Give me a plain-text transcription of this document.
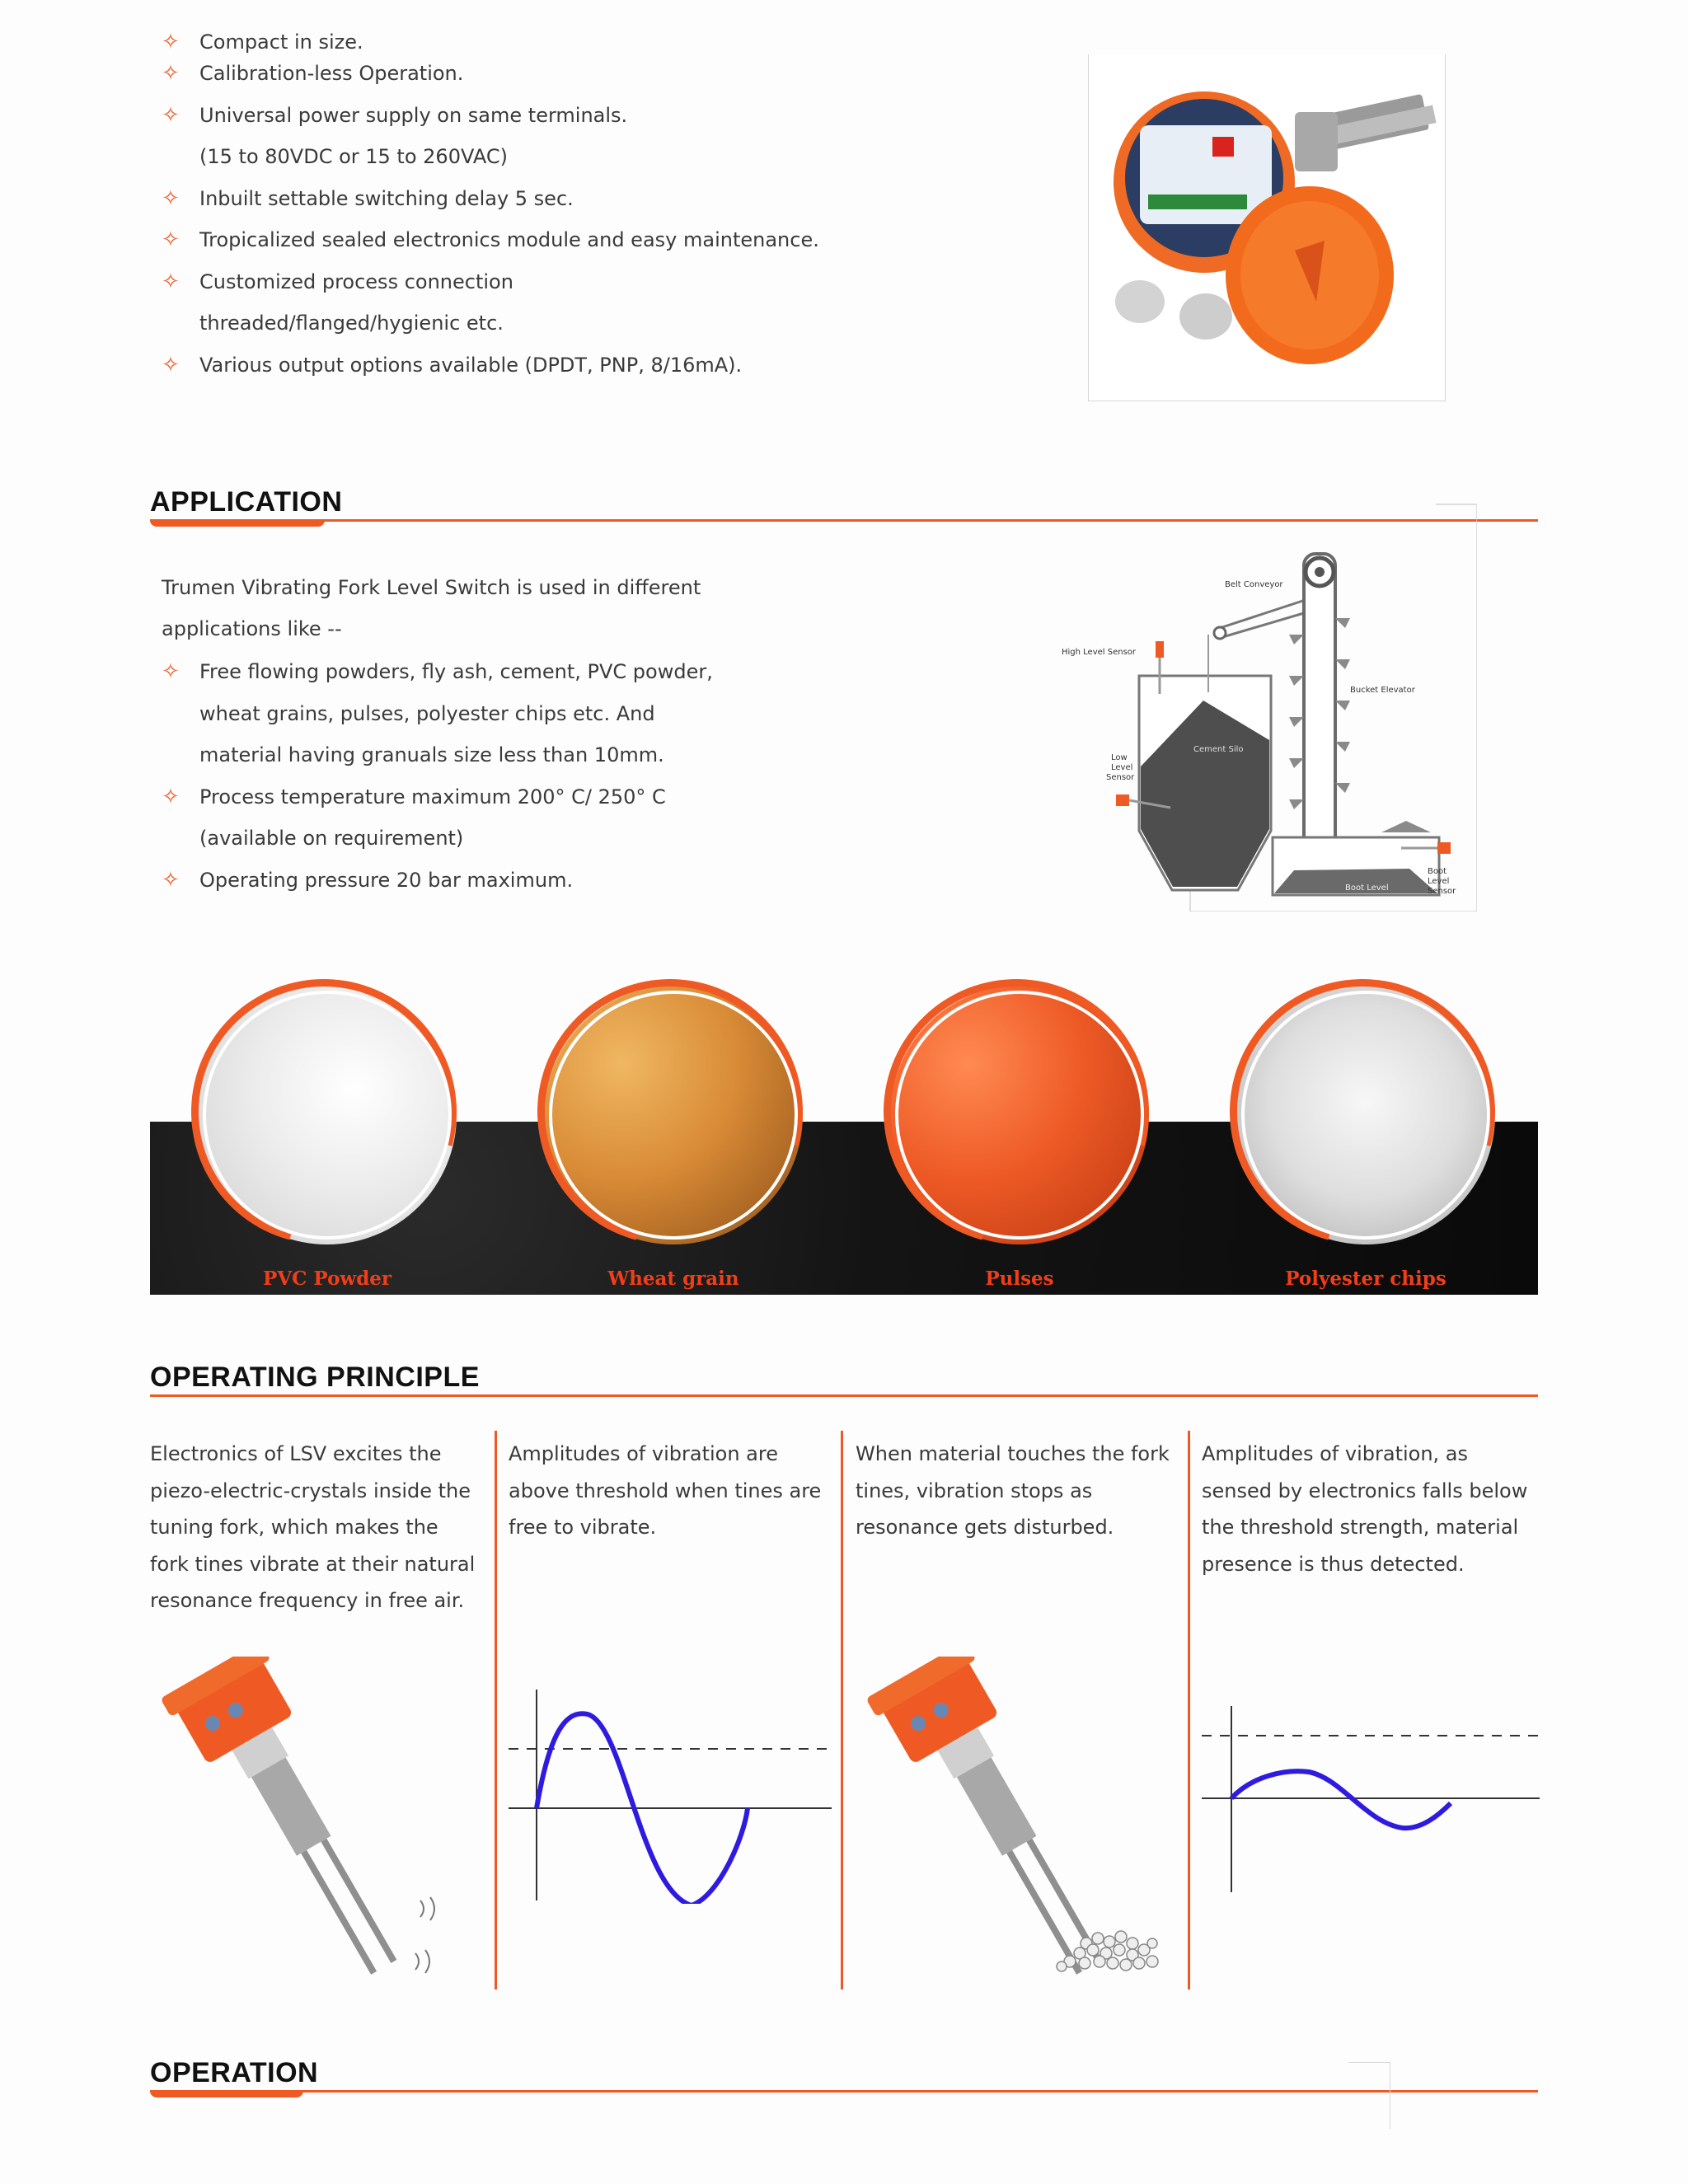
✧ Compact in size.
✧ Calibration-less Operation.
✧ Universal power supply on same terminals.
(15 to 80VDC or 15 to 260VAC)
✧ Inbuilt settable switching delay 5 sec.
✧ Tropicalized sealed electronics module and easy maintenance.
✧ Customized process connection
threaded/flanged/hygienic etc.
✧ Various output options available (DPDT, PNP, 8/16mA).
APPLICATION
Trumen Vibrating Fork Level Switch is used in different
applications like --
✧ Free flowing powders, fly ash, cement, PVC powder,
wheat grains, pulses, polyester chips etc. And
material having granuals size less than 10mm.
✧ Process temperature maximum 200° C/ 250° C
(available on requirement)
✧ Operating pressure 20 bar maximum.
Belt Conveyor
High Level Sensor
Bucket Elevator
Cement Silo
Low
Level
Sensor
Boot Level
Boot
Level
Sensor
PVC Powder	Wheat grain	Pulses	Polyester chips
OPERATING PRINCIPLE
Electronics of LSV excites the piezo-electric-crystals inside the tuning fork, which makes the fork tines vibrate at their natural resonance frequency in free air.
Amplitudes of vibration are above threshold when tines are free to vibrate.
When material touches the fork tines, vibration stops as resonance gets disturbed.
Amplitudes of vibration, as sensed by electronics falls below the threshold strength, material presence is thus detected.
OPERATION
